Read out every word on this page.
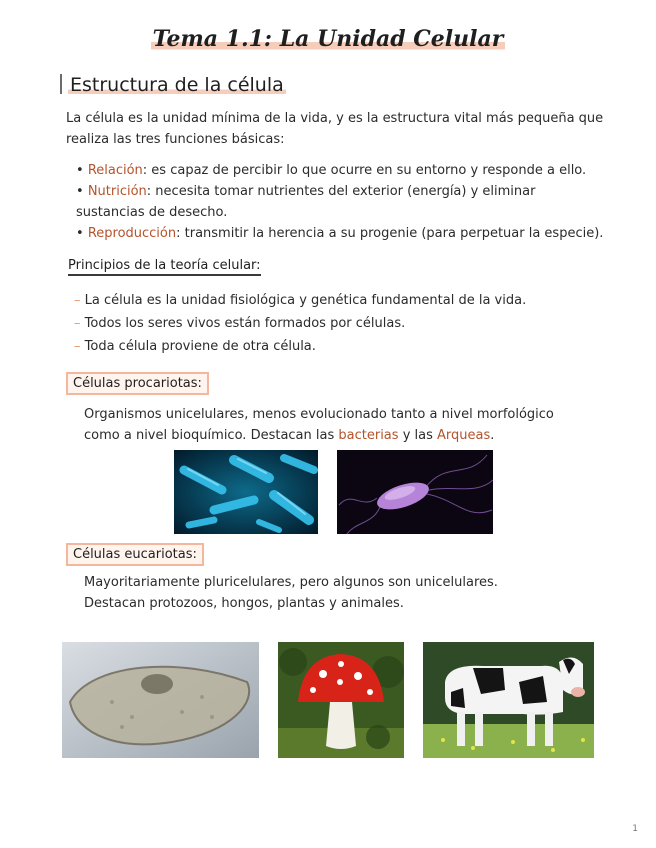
Tema 1.1: La Unidad Celular
Estructura de la célula
La célula es la unidad mínima de la vida, y es la estructura vital más pequeña que realiza las tres funciones básicas:
• Relación: es capaz de percibir lo que ocurre en su entorno y responde a ello.
• Nutrición: necesita tomar nutrientes del exterior (energía) y eliminar sustancias de desecho.
• Reproducción: transmitir la herencia a su progenie (para perpetuar la especie).
Principios de la teoría celular:
– La célula es la unidad fisiológica y genética fundamental de la vida.
– Todos los seres vivos están formados por células.
– Toda célula proviene de otra célula.
Células procariotas:
Organismos unicelulares, menos evolucionado tanto a nivel morfológico como a nivel bioquímico. Destacan las bacterias y las Arqueas.
Células eucariotas:
Mayoritariamente pluricelulares, pero algunos son unicelulares.
Destacan protozoos, hongos, plantas y animales.
1
